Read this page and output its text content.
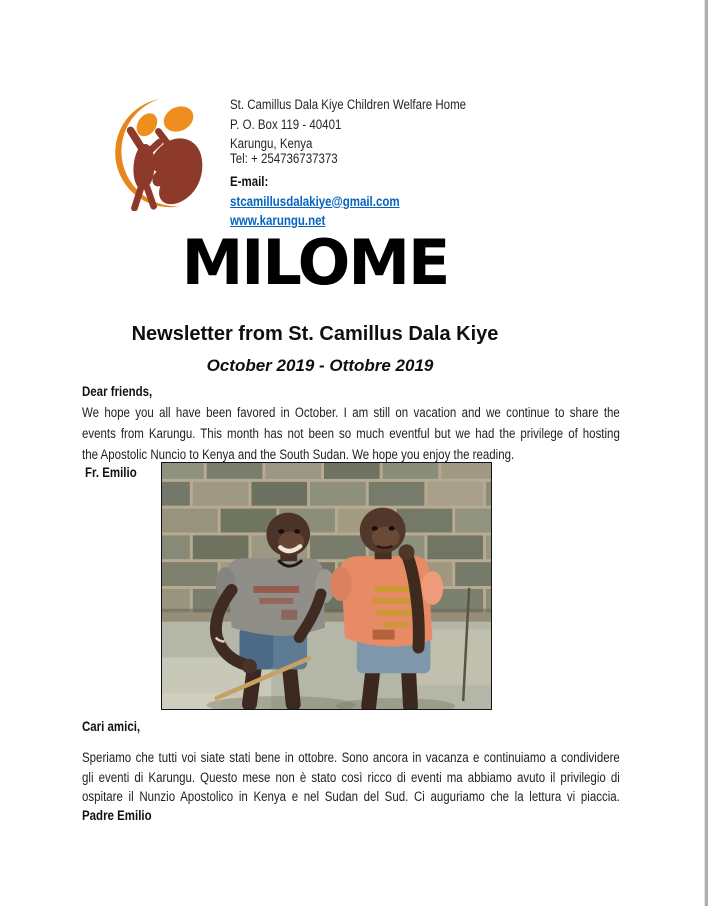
St. Camillus Dala Kiye Children Welfare Home
P. O. Box 119 - 40401
Karungu, Kenya
Tel: + 254736737373
E-mail:
stcamillusdalakiye@gmail.com
www.karungu.net
MILOME
Newsletter from St. Camillus Dala Kiye
October 2019 - Ottobre 2019
Dear friends,
We hope you all have been favored in October. I am still on vacation and we continue to share the
events from Karungu. This month has not been so much eventful but we had the privilege of hosting
the Apostolic Nuncio to Kenya and the South Sudan. We hope you enjoy the reading.
Fr. Emilio
Cari amici,
Speriamo che tutti voi siate stati bene in ottobre. Sono ancora in vacanza e continuiamo a condividere
gli eventi di Karungu. Questo mese non è stato così ricco di eventi ma abbiamo avuto il privilegio di
ospitare il Nunzio Apostolico in Kenya e nel Sudan del Sud. Ci auguriamo che la lettura vi piaccia.
Padre Emilio
